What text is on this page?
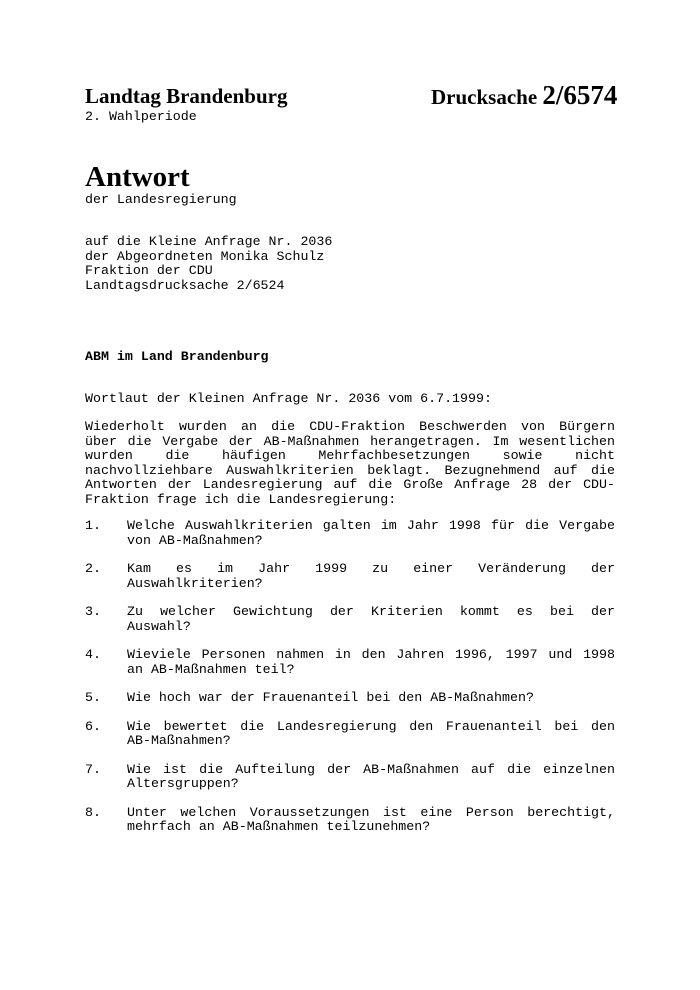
Landtag Brandenburg	Drucksache 2/6574
2. Wahlperiode
Antwort
der Landesregierung
auf die Kleine Anfrage Nr. 2036
der Abgeordneten Monika Schulz
Fraktion der CDU
Landtagsdrucksache 2/6524
ABM im Land Brandenburg
Wortlaut der Kleinen Anfrage Nr. 2036 vom 6.7.1999:
Wiederholt wurden an die CDU-Fraktion Beschwerden von Bürgern
über die Vergabe der AB-Maßnahmen herangetragen. Im wesentlichen
wurden die häufigen Mehrfachbesetzungen sowie nicht
nachvollziehbare Auswahlkriterien beklagt. Bezugnehmend auf die
Antworten der Landesregierung auf die Große Anfrage 28 der CDU-
Fraktion frage ich die Landesregierung:
1. Welche Auswahlkriterien galten im Jahr 1998 für die Vergabe
von AB-Maßnahmen?
2. Kam es im Jahr 1999 zu einer Veränderung der
Auswahlkriterien?
3. Zu welcher Gewichtung der Kriterien kommt es bei der
Auswahl?
4. Wieviele Personen nahmen in den Jahren 1996, 1997 und 1998
an AB-Maßnahmen teil?
5. Wie hoch war der Frauenanteil bei den AB-Maßnahmen?
6. Wie bewertet die Landesregierung den Frauenanteil bei den
AB-Maßnahmen?
7. Wie ist die Aufteilung der AB-Maßnahmen auf die einzelnen
Altersgruppen?
8. Unter welchen Voraussetzungen ist eine Person berechtigt,
mehrfach an AB-Maßnahmen teilzunehmen?
